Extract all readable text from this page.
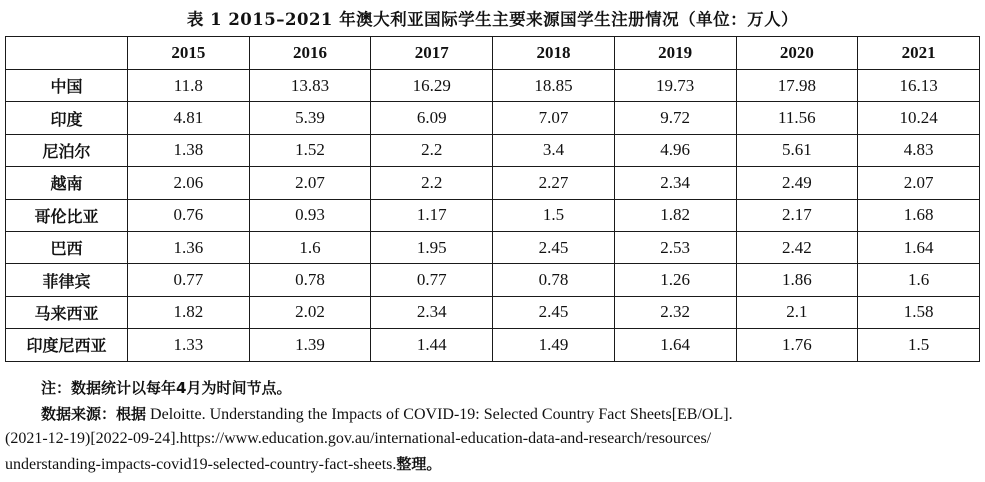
表 1 2015–2021 年澳大利亚国际学生主要来源国学生注册情况（单位：万人）
	2015	2016	2017	2018	2019	2020	2021
中国	11.8	13.83	16.29	18.85	19.73	17.98	16.13
印度	4.81	5.39	6.09	7.07	9.72	11.56	10.24
尼泊尔	1.38	1.52	2.2	3.4	4.96	5.61	4.83
越南	2.06	2.07	2.2	2.27	2.34	2.49	2.07
哥伦比亚	0.76	0.93	1.17	1.5	1.82	2.17	1.68
巴西	1.36	1.6	1.95	2.45	2.53	2.42	1.64
菲律宾	0.77	0.78	0.77	0.78	1.26	1.86	1.6
马来西亚	1.82	2.02	2.34	2.45	2.32	2.1	1.58
印度尼西亚	1.33	1.39	1.44	1.49	1.64	1.76	1.5
注：数据统计以每年4月为时间节点。
数据来源：根据 Deloitte. Understanding the Impacts of COVID-19: Selected Country Fact Sheets[EB/OL].
(2021-12-19)[2022-09-24].https://www.education.gov.au/international-education-data-and-research/resources/
understanding-impacts-covid19-selected-country-fact-sheets.整理。
